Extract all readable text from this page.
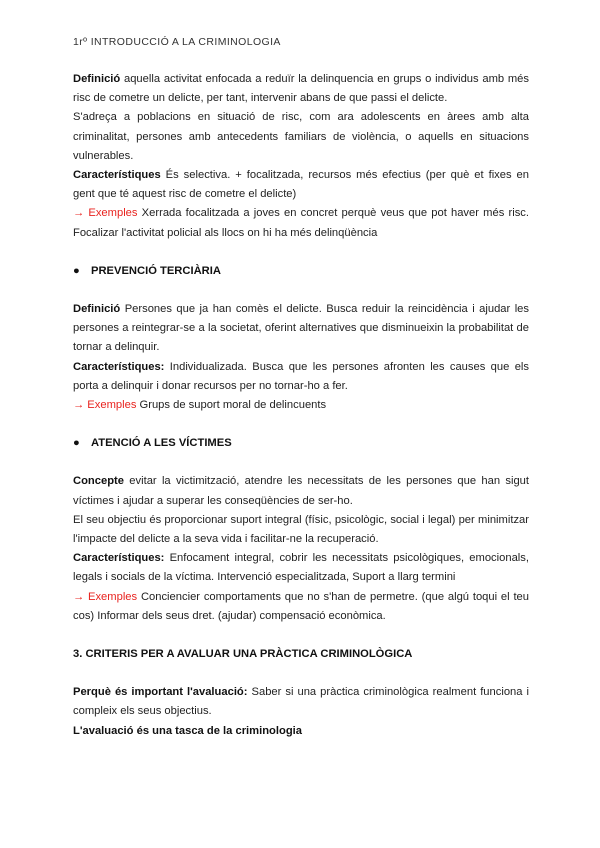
1rº INTRODUCCIÓ A LA CRIMINOLOGIA

Definició aquella activitat enfocada a reduïr la delinquencia en grups o individus amb més risc de cometre un delicte, per tant, intervenir abans de que passi el delicte.

S'adreça a poblacions en situació de risc, com ara adolescents en àrees amb alta criminalitat, persones amb antecedents familiars de violència, o aquells en situacions vulnerables.

Característiques És selectiva. + focalitzada, recursos més efectius (per què et fixes en gent que té aquest risc de cometre el delicte)

→ Exemples Xerrada focalitzada a joves en concret perquè veus que pot haver més risc. Focalizar l'activitat policial als llocs on hi ha més delinqüència

● PREVENCIÓ TERCIÀRIA

Definició Persones que ja han comès el delicte. Busca reduir la reincidència i ajudar les persones a reintegrar-se a la societat, oferint alternatives que disminueixin la probabilitat de tornar a delinquir.

Característiques: Individualizada. Busca que les persones afronten les causes que els porta a delinquir i donar recursos per no tornar-ho a fer.

→ Exemples Grups de suport moral de delincuents

● ATENCIÓ A LES VÍCTIMES

Concepte evitar la victimització, atendre les necessitats de les persones que han sigut víctimes i ajudar a superar les conseqüències de ser-ho.

El seu objectiu és proporcionar suport integral (físic, psicològic, social i legal) per minimitzar l'impacte del delicte a la seva vida i facilitar-ne la recuperació.

Característiques: Enfocament integral, cobrir les necessitats psicològiques, emocionals, legals i socials de la víctima. Intervenció especialitzada, Suport a llarg termini

→ Exemples Conciencier comportaments que no s'han de permetre. (que algú toqui el teu cos) Informar dels seus dret. (ajudar) compensació econòmica.

3. CRITERIS PER A AVALUAR UNA PRÀCTICA CRIMINOLÒGICA

Perquè és important l'avaluació: Saber si una pràctica criminològica realment funciona i compleix els seus objectius.

L'avaluació és una tasca de la criminologia
